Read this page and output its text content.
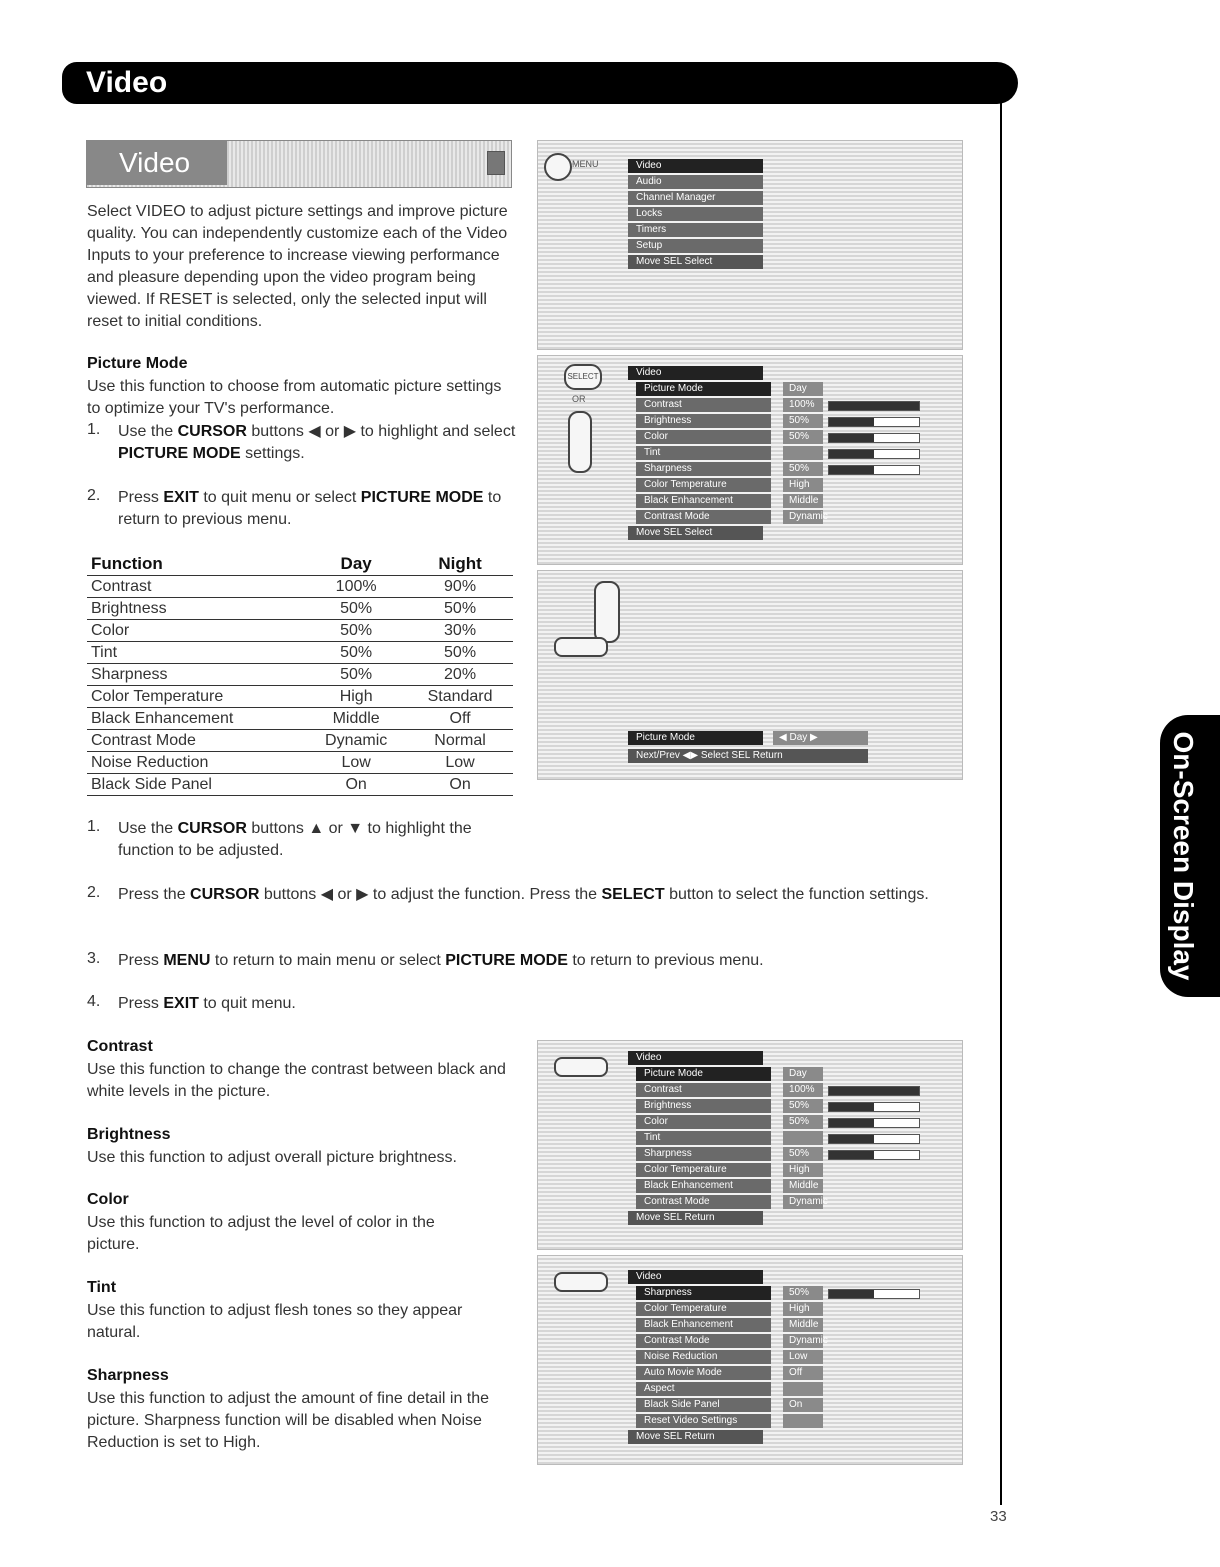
Video
On-Screen Display
33
Video
Select VIDEO to adjust picture settings and improve picture quality. You can independently customize each of the Video Inputs to your preference to increase viewing performance and pleasure depending upon the video program being viewed. If RESET is selected, only the selected input will reset to initial conditions.
Picture Mode
Use this function to choose from automatic picture settings to optimize your TV's performance.
1. Use the CURSOR buttons ◀ or ▶ to highlight and select PICTURE MODE settings.
2. Press EXIT to quit menu or select PICTURE MODE to return to previous menu.
Function	Day	Night
Contrast	100%	90%
Brightness	50%	50%
Color	50%	30%
Tint	50%	50%
Sharpness	50%	20%
Color Temperature	High	Standard
Black Enhancement	Middle	Off
Contrast Mode	Dynamic	Normal
Noise Reduction	Low	Low
Black Side Panel	On	On
1. Use the CURSOR buttons ▲ or ▼ to highlight the function to be adjusted.
2. Press the CURSOR buttons ◀ or ▶ to adjust the function. Press the SELECT button to select the function settings.
3. Press MENU to return to main menu or select PICTURE MODE to return to previous menu.
4. Press EXIT to quit menu.
Contrast
Use this function to change the contrast between black and white levels in the picture.
Brightness
Use this function to adjust overall picture brightness.
Color
Use this function to adjust the level of color in the picture.
Tint
Use this function to adjust flesh tones so they appear natural.
Sharpness
Use this function to adjust the amount of fine detail in the picture. Sharpness function will be disabled when Noise Reduction is set to High.
MENU	Video
Audio
Channel Manager
Locks
Timers
Setup
Move SEL Select
SELECT
OR
Video
Picture Mode	Day
Contrast	100%
Brightness	50%
Color	50%
Tint
Sharpness	50%
Color Temperature	High
Black Enhancement	Middle
Contrast Mode	Dynamic
Move SEL Select
Picture Mode	◀ Day ▶
Next/Prev ◀▶ Select SEL Return
Video
Picture Mode	Day
Contrast	100%
Brightness	50%
Color	50%
Tint
Sharpness	50%
Color Temperature	High
Black Enhancement	Middle
Contrast Mode	Dynamic
Move SEL Return
Video
Sharpness	50%
Color Temperature	High
Black Enhancement	Middle
Contrast Mode	Dynamic
Noise Reduction	Low
Auto Movie Mode	Off
Aspect
Black Side Panel	On
Reset Video Settings
Move SEL Return
